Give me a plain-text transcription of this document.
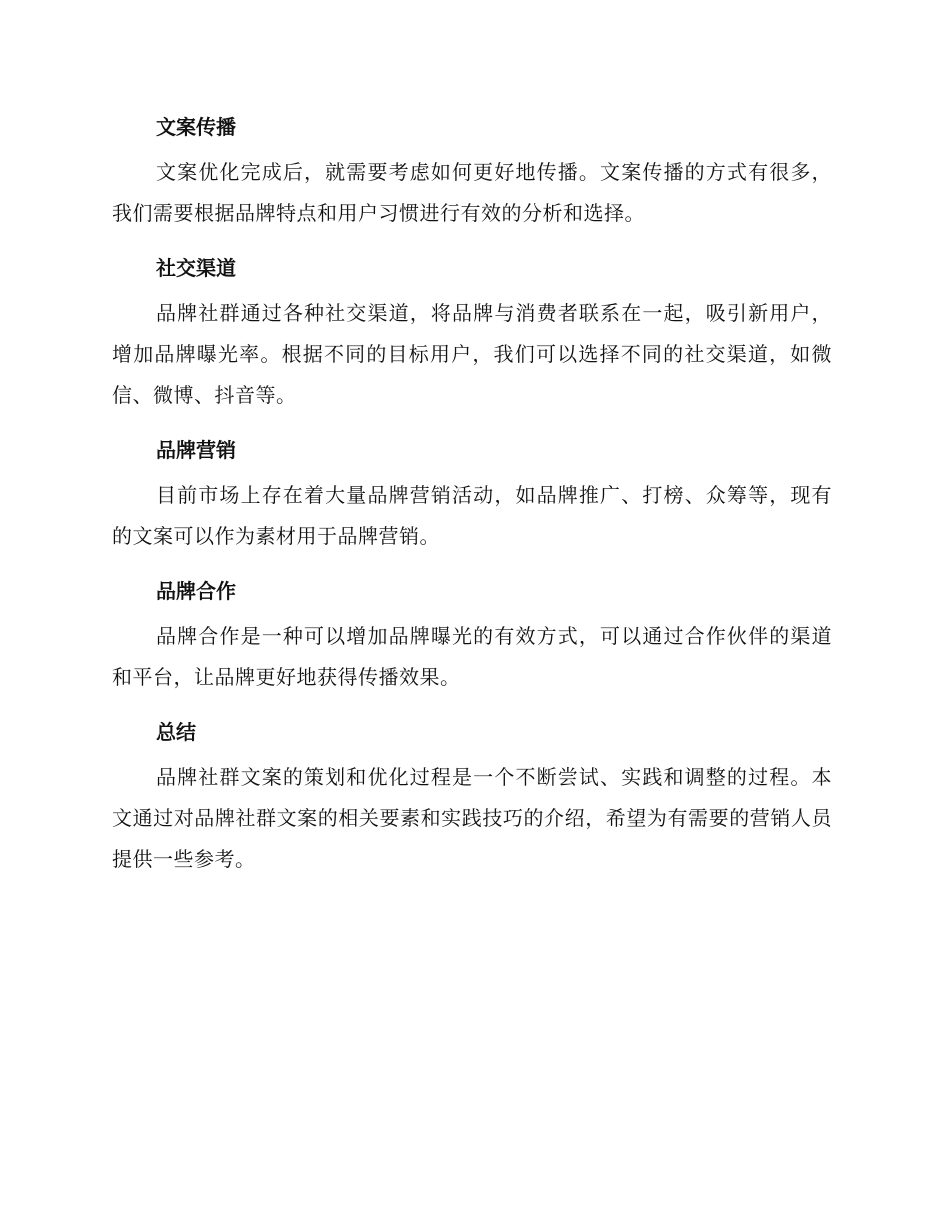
文案传播

文案优化完成后，就需要考虑如何更好地传播。文案传播的方式有很多，我们需要根据品牌特点和用户习惯进行有效的分析和选择。

社交渠道

品牌社群通过各种社交渠道，将品牌与消费者联系在一起，吸引新用户，增加品牌曝光率。根据不同的目标用户，我们可以选择不同的社交渠道，如微信、微博、抖音等。

品牌营销

目前市场上存在着大量品牌营销活动，如品牌推广、打榜、众筹等，现有的文案可以作为素材用于品牌营销。

品牌合作

品牌合作是一种可以增加品牌曝光的有效方式，可以通过合作伙伴的渠道和平台，让品牌更好地获得传播效果。

总结

品牌社群文案的策划和优化过程是一个不断尝试、实践和调整的过程。本文通过对品牌社群文案的相关要素和实践技巧的介绍，希望为有需要的营销人员提供一些参考。
